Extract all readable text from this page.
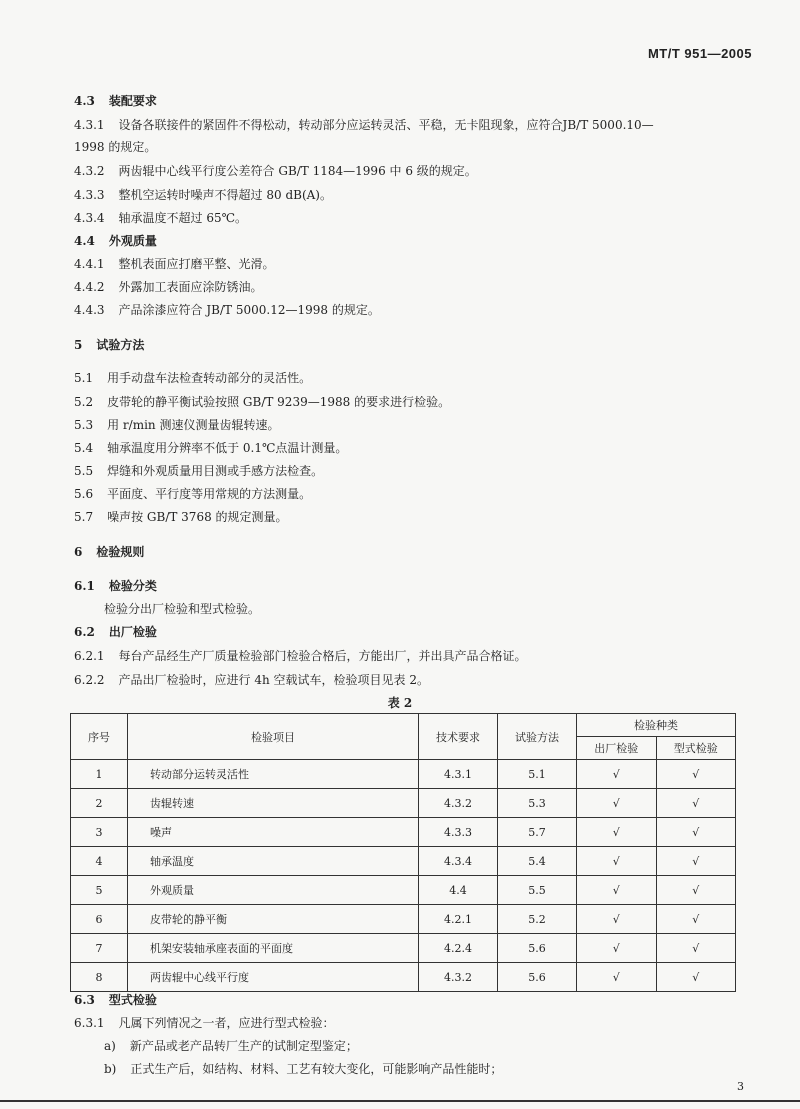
MT/T 951—2005
4.3 装配要求
4.3.1 设备各联接件的紧固件不得松动，转动部分应运转灵活、平稳，无卡阻现象，应符合JB/T 5000.10—
1998 的规定。
4.3.2 两齿辊中心线平行度公差符合 GB/T 1184—1996 中 6 级的规定。
4.3.3 整机空运转时噪声不得超过 80 dB(A)。
4.3.4 轴承温度不超过 65℃。
4.4 外观质量
4.4.1 整机表面应打磨平整、光滑。
4.4.2 外露加工表面应涂防锈油。
4.4.3 产品涂漆应符合 JB/T 5000.12—1998 的规定。
5 试验方法
5.1 用手动盘车法检查转动部分的灵活性。
5.2 皮带轮的静平衡试验按照 GB/T 9239—1988 的要求进行检验。
5.3 用 r/min 测速仪测量齿辊转速。
5.4 轴承温度用分辨率不低于 0.1℃点温计测量。
5.5 焊缝和外观质量用目测或手感方法检查。
5.6 平面度、平行度等用常规的方法测量。
5.7 噪声按 GB/T 3768 的规定测量。
6 检验规则
6.1 检验分类
检验分出厂检验和型式检验。
6.2 出厂检验
6.2.1 每台产品经生产厂质量检验部门检验合格后，方能出厂，并出具产品合格证。
6.2.2 产品出厂检验时，应进行 4h 空载试车，检验项目见表 2。
6.3 型式检验
6.3.1 凡属下列情况之一者，应进行型式检验：
a) 新产品或老产品转厂生产的试制定型鉴定；
b) 正式生产后，如结构、材料、工艺有较大变化，可能影响产品性能时；
表 2
序号	检验项目	技术要求	试验方法	检验种类	
				出厂检验	型式检验
1	转动部分运转灵活性	4.3.1	5.1	√	√
2	齿辊转速	4.3.2	5.3	√	√
3	噪声	4.3.3	5.7	√	√
4	轴承温度	4.3.4	5.4	√	√
5	外观质量	4.4	5.5	√	√
6	皮带轮的静平衡	4.2.1	5.2	√	√
7	机架安装轴承座表面的平面度	4.2.4	5.6	√	√
8	两齿辊中心线平行度	4.3.2	5.6	√	√
3
